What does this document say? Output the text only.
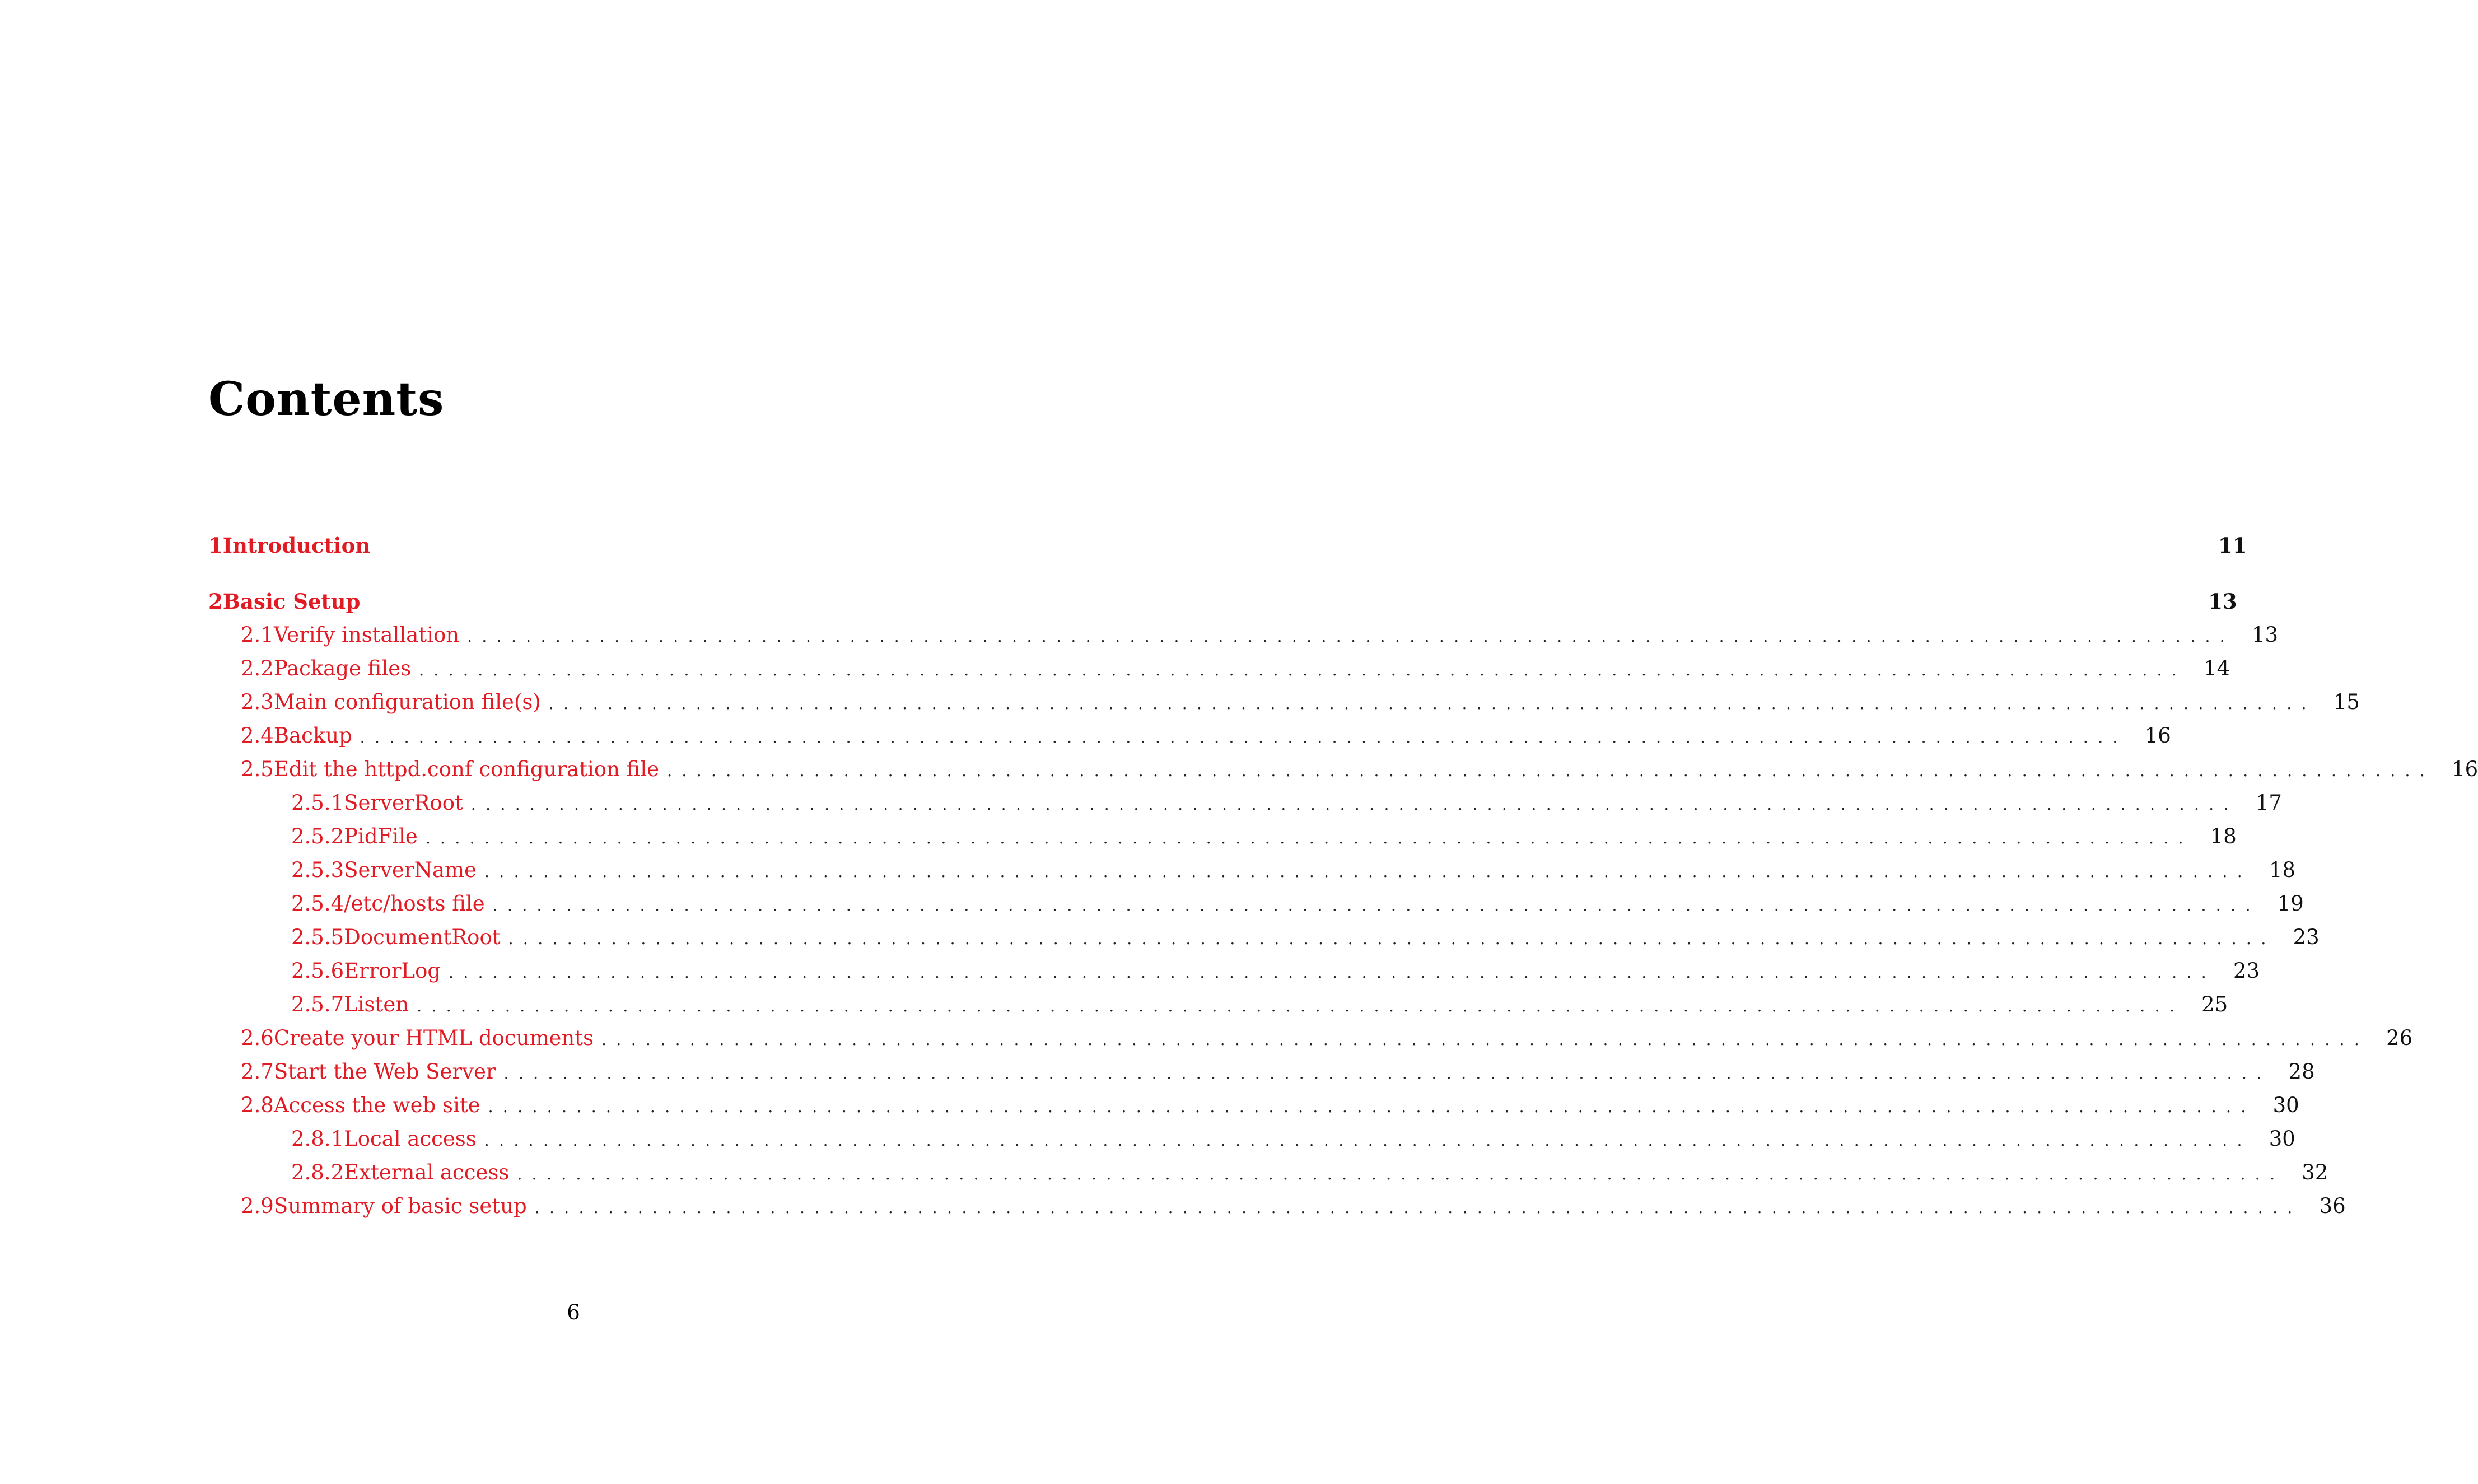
Contents
1 Introduction	11
2 Basic Setup	13
2.1 Verify installation ........................................................................................................................ 13
2.2 Package files ........................................................................................................................ 14
2.3 Main configuration file(s) ........................................................................................................................ 15
2.4 Backup ........................................................................................................................ 16
2.5 Edit the httpd.conf configuration file ........................................................................................................................ 16
2.5.1 ServerRoot ........................................................................................................................ 17
2.5.2 PidFile ........................................................................................................................ 18
2.5.3 ServerName ........................................................................................................................ 18
2.5.4 /etc/hosts file ........................................................................................................................ 19
2.5.5 DocumentRoot ........................................................................................................................ 23
2.5.6 ErrorLog ........................................................................................................................ 23
2.5.7 Listen ........................................................................................................................ 25
2.6 Create your HTML documents ........................................................................................................................ 26
2.7 Start the Web Server ........................................................................................................................ 28
2.8 Access the web site ........................................................................................................................ 30
2.8.1 Local access ........................................................................................................................ 30
2.8.2 External access ........................................................................................................................ 32
2.9 Summary of basic setup ........................................................................................................................ 36
6
